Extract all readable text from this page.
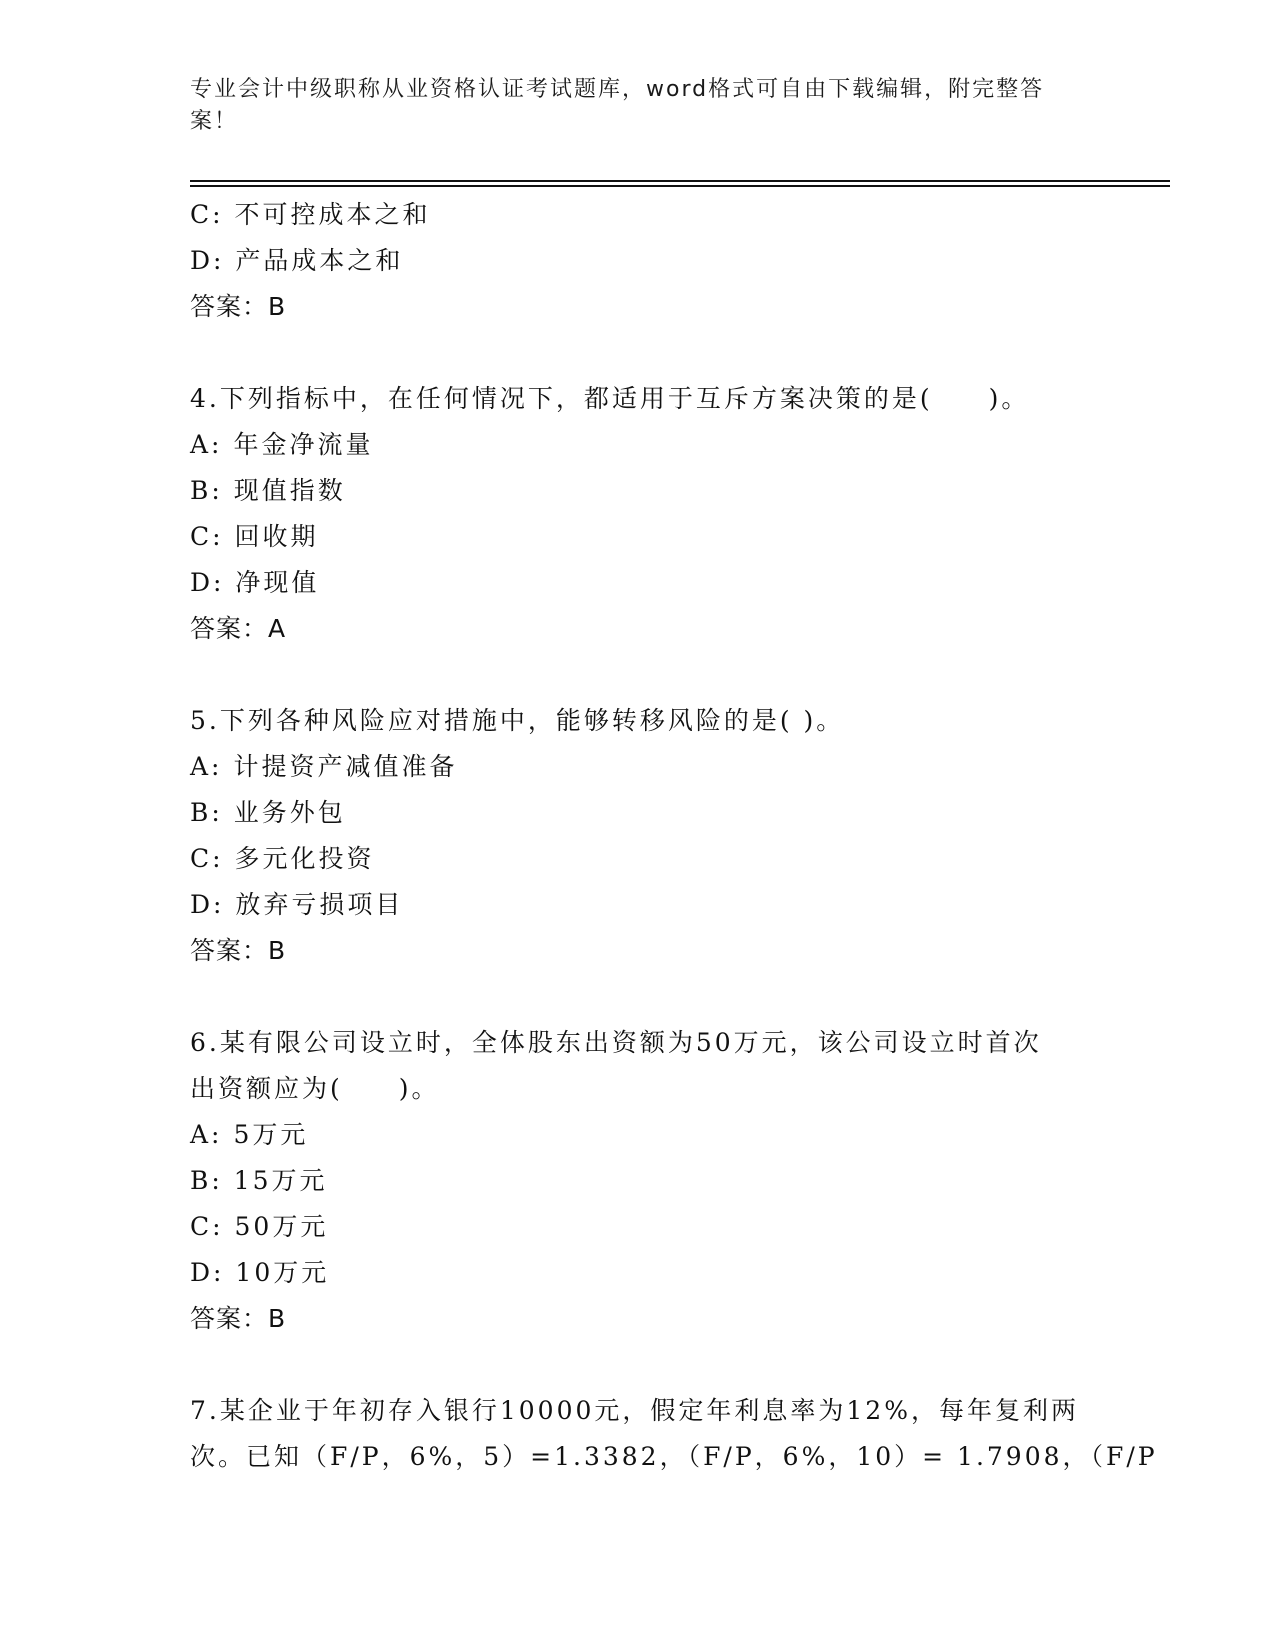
专业会计中级职称从业资格认证考试题库，word格式可自由下载编辑，附完整答
案！
C: 不可控成本之和
D: 产品成本之和
答案：B
4.下列指标中，在任何情况下，都适用于互斥方案决策的是(　　)。
A: 年金净流量
B: 现值指数
C: 回收期
D: 净现值
答案：A
5.下列各种风险应对措施中，能够转移风险的是( )。
A: 计提资产减值准备
B: 业务外包
C: 多元化投资
D: 放弃亏损项目
答案：B
6.某有限公司设立时，全体股东出资额为50万元，该公司设立时首次
出资额应为(　　)。
A: 5万元
B: 15万元
C: 50万元
D: 10万元
答案：B
7.某企业于年初存入银行10000元，假定年利息率为12%，每年复利两
次。已知（F/P，6%，5）=1.3382，（F/P，6%，10）= 1.7908，（F/P
